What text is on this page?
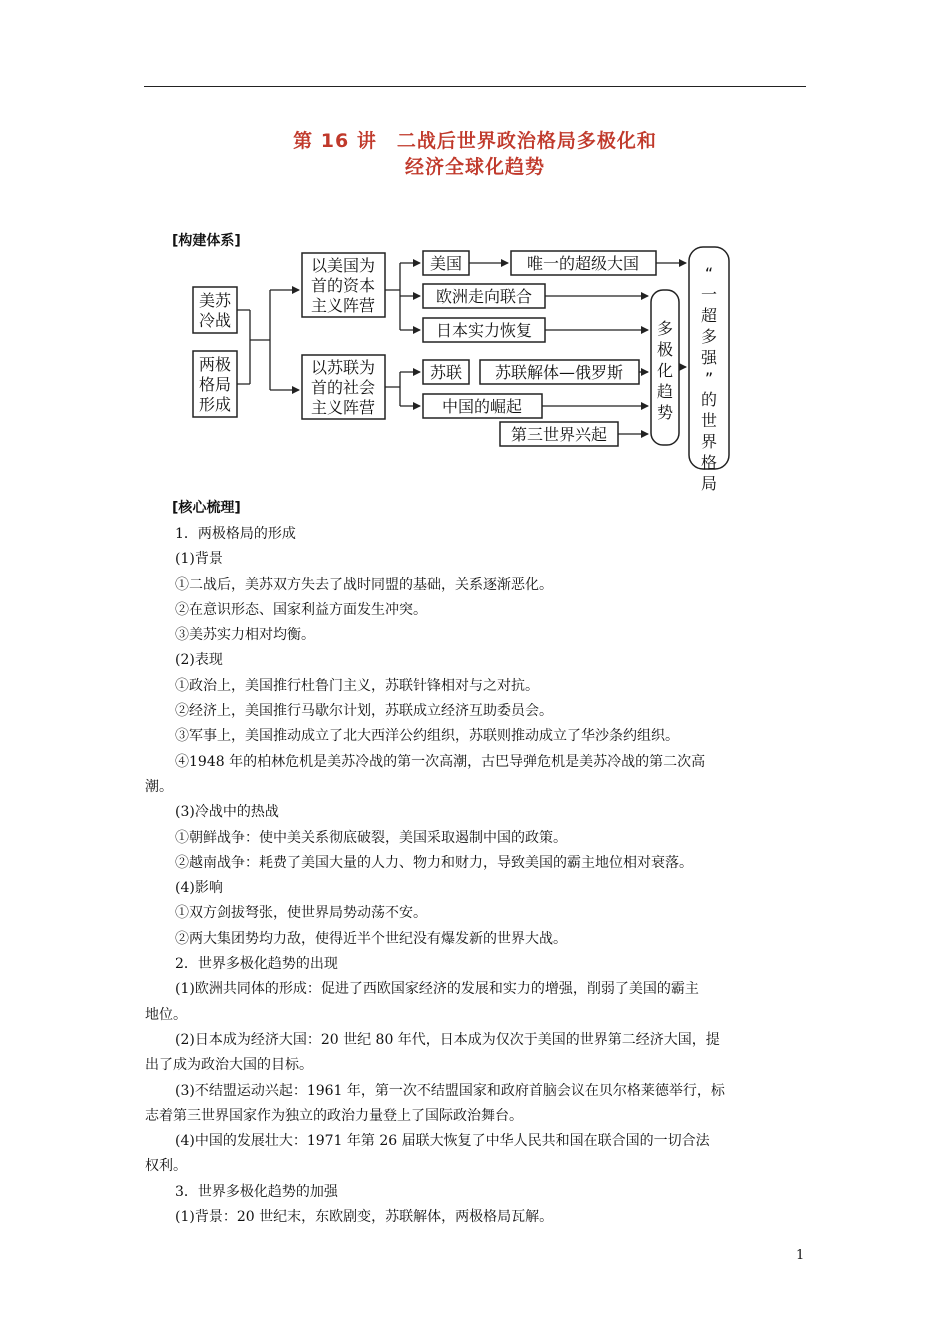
第 16 讲　二战后世界政治格局多极化和
经济全球化趋势
[构建体系]
美苏
冷战
两极
格局
形成
以美国为
首的资本
主义阵营
以苏联为
首的社会
主义阵营
美国	唯一的超级大国
欧洲走向联合
日本实力恢复
苏联 苏联解体—俄罗斯
中国的崛起
第三世界兴起
多
极
化
趋
势
“
一
超
多
强
”
的
世
界
格
局
[核心梳理]
1．两极格局的形成
(1)背景
①二战后，美苏双方失去了战时同盟的基础，关系逐渐恶化。
②在意识形态、国家利益方面发生冲突。
③美苏实力相对均衡。
(2)表现
①政治上，美国推行杜鲁门主义，苏联针锋相对与之对抗。
②经济上，美国推行马歇尔计划，苏联成立经济互助委员会。
③军事上，美国推动成立了北大西洋公约组织，苏联则推动成立了华沙条约组织。
④1948 年的柏林危机是美苏冷战的第一次高潮，古巴导弹危机是美苏冷战的第二次高
潮。
(3)冷战中的热战
①朝鲜战争：使中美关系彻底破裂，美国采取遏制中国的政策。
②越南战争：耗费了美国大量的人力、物力和财力，导致美国的霸主地位相对衰落。
(4)影响
①双方剑拔弩张，使世界局势动荡不安。
②两大集团势均力敌，使得近半个世纪没有爆发新的世界大战。
2．世界多极化趋势的出现
(1)欧洲共同体的形成：促进了西欧国家经济的发展和实力的增强，削弱了美国的霸主
地位。
(2)日本成为经济大国：20 世纪 80 年代，日本成为仅次于美国的世界第二经济大国，提
出了成为政治大国的目标。
(3)不结盟运动兴起：1961 年，第一次不结盟国家和政府首脑会议在贝尔格莱德举行，标
志着第三世界国家作为独立的政治力量登上了国际政治舞台。
(4)中国的发展壮大：1971 年第 26 届联大恢复了中华人民共和国在联合国的一切合法
权利。
3．世界多极化趋势的加强
(1)背景：20 世纪末，东欧剧变，苏联解体，两极格局瓦解。
1
